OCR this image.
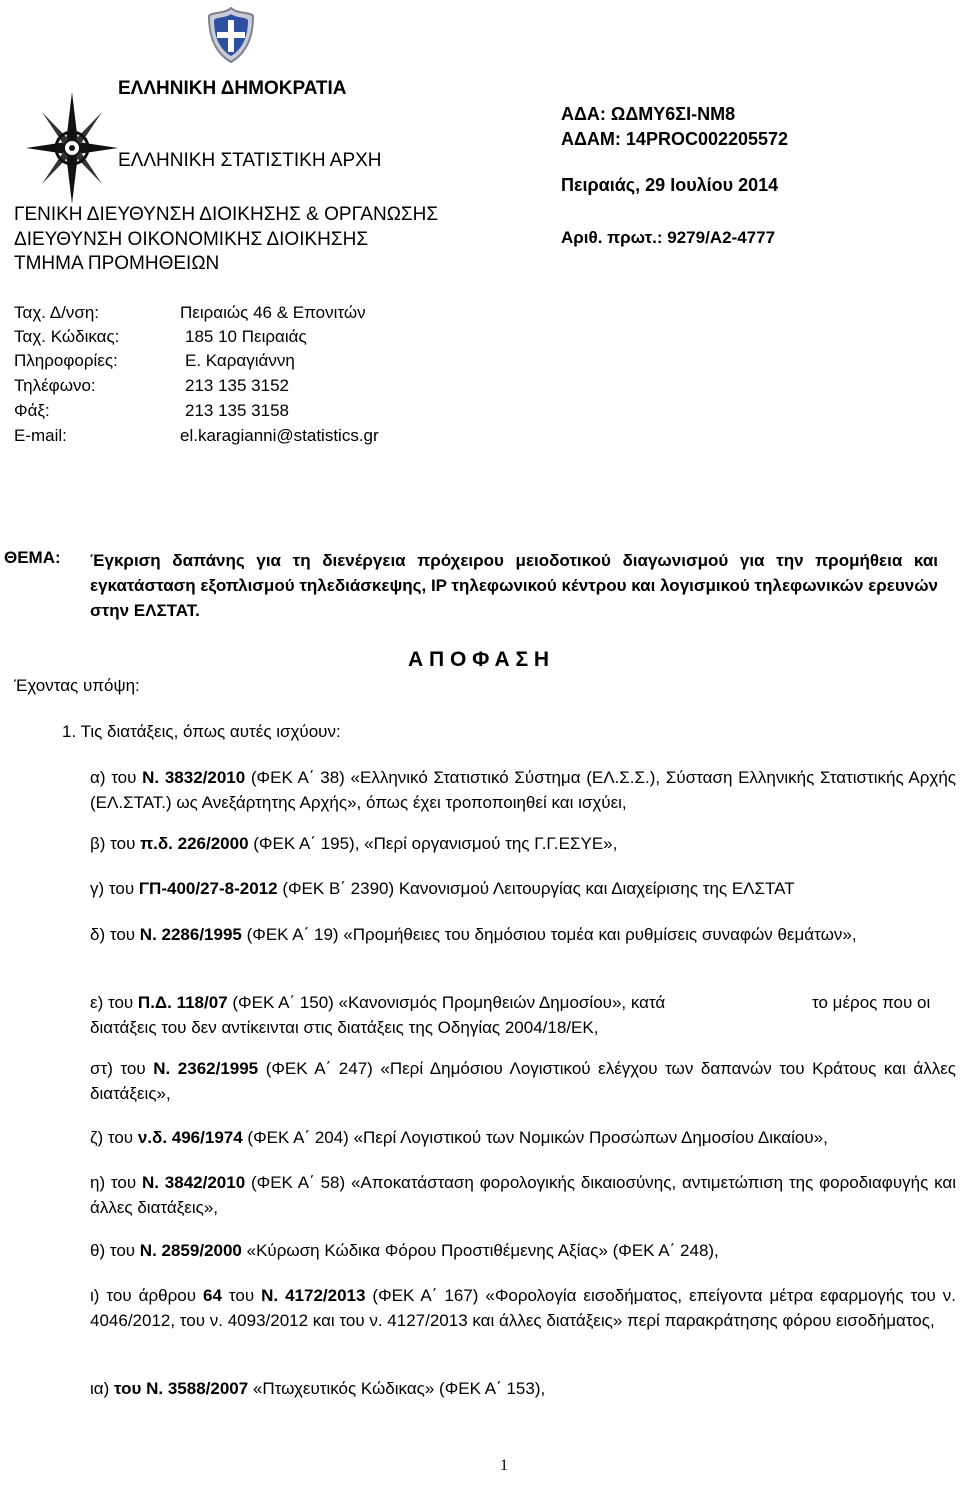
ΕΛΛΗΝΙΚΗ ΔΗΜΟΚΡΑΤΙΑ
ΕΛΛΗΝΙΚΗ ΣΤΑΤΙΣΤΙΚΗ ΑΡΧΗ
ΓΕΝΙΚΗ ΔΙΕΥΘΥΝΣΗ ΔΙΟΙΚΗΣΗΣ & ΟΡΓΑΝΩΣΗΣ
ΔΙΕΥΘΥΝΣΗ ΟΙΚΟΝΟΜΙΚΗΣ ΔΙΟΙΚΗΣΗΣ
ΤΜΗΜΑ ΠΡΟΜΗΘΕΙΩΝ
ΑΔΑ: ΩΔΜΥ6ΣΙ-ΝΜ8
ΑΔΑΜ: 14PROC002205572
Πειραιάς, 29 Ιουλίου 2014
Αριθ. πρωτ.: 9279/Α2-4777
Ταχ. Δ/νση:	Πειραιώς 46 & Επονιτών
Ταχ. Κώδικας:	185 10 Πειραιάς
Πληροφορίες:	Ε. Καραγιάννη
Τηλέφωνο:	213 135 3152
Φάξ:	213 135 3158
E-mail:	el.karagianni@statistics.gr
ΘΕΜΑ: Έγκριση δαπάνης για τη διενέργεια πρόχειρου μειοδοτικού διαγωνισμού για την προμήθεια και εγκατάσταση εξοπλισμού τηλεδιάσκεψης, IP τηλεφωνικού κέντρου και λογισμικού τηλεφωνικών ερευνών στην ΕΛΣΤΑΤ.
Α Π Ο Φ Α Σ Η
Έχοντας υπόψη:
1. Τις διατάξεις, όπως αυτές ισχύουν:
α) του Ν. 3832/2010 (ΦΕΚ Α΄ 38) «Ελληνικό Στατιστικό Σύστημα (ΕΛ.Σ.Σ.), Σύσταση Ελληνικής Στατιστικής Αρχής (ΕΛ.ΣΤΑΤ.) ως Ανεξάρτητης Αρχής», όπως έχει τροποποιηθεί και ισχύει,
β) του π.δ. 226/2000 (ΦΕΚ Α΄ 195), «Περί οργανισμού της Γ.Γ.ΕΣΥΕ»,
γ) του ΓΠ-400/27-8-2012 (ΦΕΚ Β΄ 2390) Κανονισμού Λειτουργίας και Διαχείρισης της ΕΛΣΤΑΤ
δ) του Ν. 2286/1995 (ΦΕΚ Α΄ 19) «Προμήθειες του δημόσιου τομέα και ρυθμίσεις συναφών θεμάτων»,
ε) του Π.Δ. 118/07 (ΦΕΚ Α΄ 150) «Κανονισμός Προμηθειών Δημοσίου», κατά	το μέρος που οι
διατάξεις του δεν αντίκεινται στις διατάξεις της Οδηγίας 2004/18/ΕΚ,
στ) του Ν. 2362/1995 (ΦΕΚ Α΄ 247) «Περί Δημόσιου Λογιστικού ελέγχου των δαπανών του Κράτους και άλλες διατάξεις»,
ζ) του ν.δ. 496/1974 (ΦΕΚ Α΄ 204) «Περί Λογιστικού των Νομικών Προσώπων Δημοσίου Δικαίου»,
η) του Ν. 3842/2010 (ΦΕΚ Α΄ 58) «Αποκατάσταση φορολογικής δικαιοσύνης, αντιμετώπιση της φοροδιαφυγής και άλλες διατάξεις»,
θ) του Ν. 2859/2000 «Κύρωση Κώδικα Φόρου Προστιθέμενης Αξίας» (ΦΕΚ Α΄ 248),
ι) του άρθρου 64 του Ν. 4172/2013 (ΦΕΚ Α΄ 167) «Φορολογία εισοδήματος, επείγοντα μέτρα εφαρμογής του ν. 4046/2012, του ν. 4093/2012 και του ν. 4127/2013 και άλλες διατάξεις» περί παρακράτησης φόρου εισοδήματος,
ια) του Ν. 3588/2007 «Πτωχευτικός Κώδικας» (ΦΕΚ Α΄ 153),
1
